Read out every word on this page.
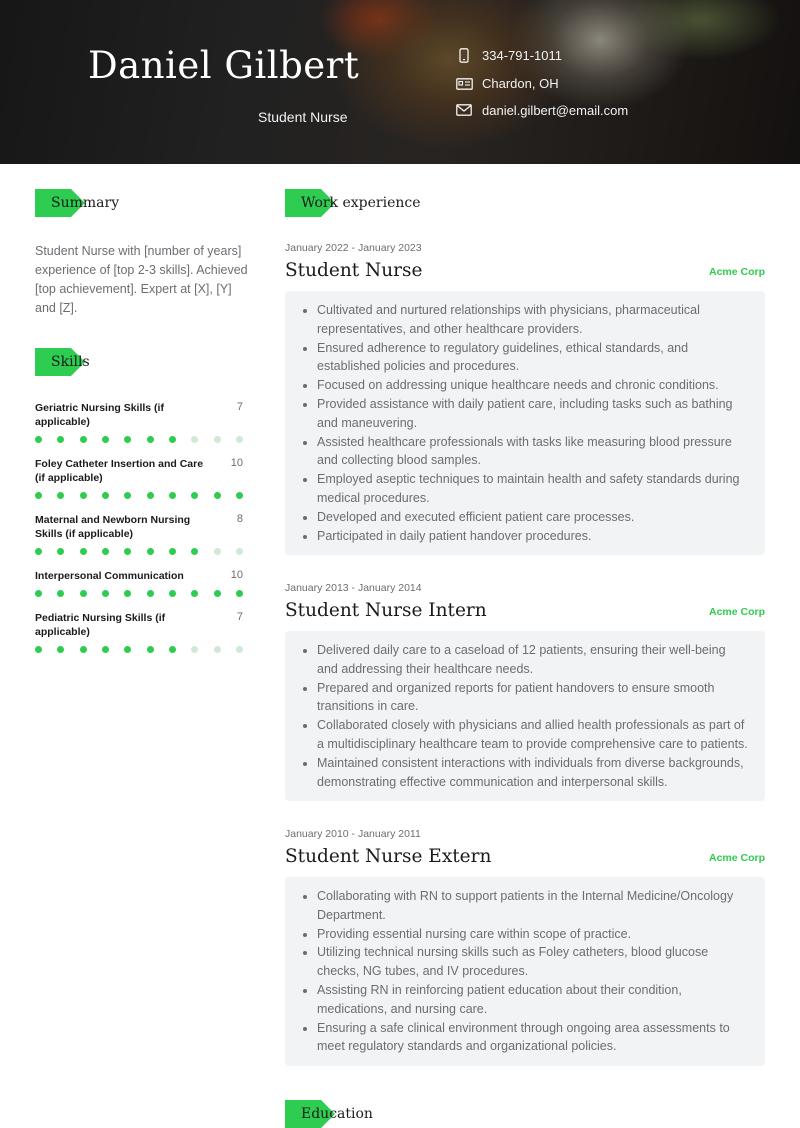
Daniel Gilbert
Student Nurse
334-791-1011
Chardon, OH
daniel.gilbert@email.com
Summary
Student Nurse with [number of years] experience of [top 2-3 skills]. Achieved [top achievement]. Expert at [X], [Y] and [Z].
Skills
Geriatric Nursing Skills (if applicable)
7
Foley Catheter Insertion and Care (if applicable)
10
Maternal and Newborn Nursing Skills (if applicable)
8
Interpersonal Communication	10
Pediatric Nursing Skills (if applicable)
7
Work experience
January 2022 - January 2023
Student Nurse	Acme Corp
• Cultivated and nurtured relationships with physicians, pharmaceutical representatives, and other healthcare providers.
• Ensured adherence to regulatory guidelines, ethical standards, and established policies and procedures.
• Focused on addressing unique healthcare needs and chronic conditions.
• Provided assistance with daily patient care, including tasks such as bathing and maneuvering.
• Assisted healthcare professionals with tasks like measuring blood pressure and collecting blood samples.
• Employed aseptic techniques to maintain health and safety standards during medical procedures.
• Developed and executed efficient patient care processes.
• Participated in daily patient handover procedures.
January 2013 - January 2014
Student Nurse Intern	Acme Corp
• Delivered daily care to a caseload of 12 patients, ensuring their well-being and addressing their healthcare needs.
• Prepared and organized reports for patient handovers to ensure smooth transitions in care.
• Collaborated closely with physicians and allied health professionals as part of a multidisciplinary healthcare team to provide comprehensive care to patients.
• Maintained consistent interactions with individuals from diverse backgrounds, demonstrating effective communication and interpersonal skills.
January 2010 - January 2011
Student Nurse Extern	Acme Corp
• Collaborating with RN to support patients in the Internal Medicine/Oncology Department.
• Providing essential nursing care within scope of practice.
• Utilizing technical nursing skills such as Foley catheters, blood glucose checks, NG tubes, and IV procedures.
• Assisting RN in reinforcing patient education about their condition, medications, and nursing care.
• Ensuring a safe clinical environment through ongoing area assessments to meet regulatory standards and organizational policies.
Education
